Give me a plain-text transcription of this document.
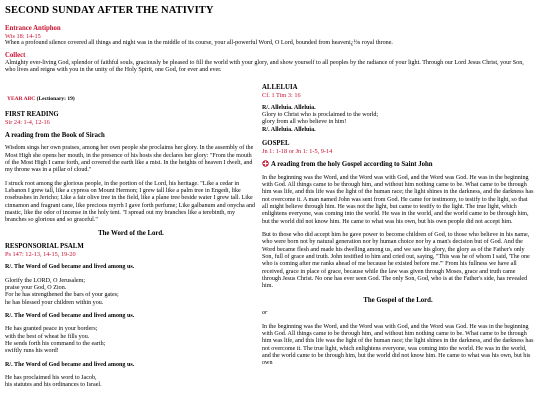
SECOND SUNDAY AFTER THE NATIVITY
Entrance Antiphon
Wis 18: 14-15

When a profound silence covered all things and night was in the middle of its course, your all-powerful Word, O Lord, bounded from heaveni¿½s royal throne.

Collect

Almighty ever-living God, splendor of faithful souls, graciously be pleased to fill the world with your glory, and show yourself to all peoples by the radiance of your light. Through our Lord Jesus Christ, your Son, who lives and reigns with you in the unity of the Holy Spirit, one God, for ever and ever.

YEAR ABC (Lectionary: 19)
FIRST READING
Sir 24: 1-4, 12-16
A reading from the Book of Sirach

Wisdom sings her own praises, among her own people she proclaims her glory. In the assembly of the Most High she opens her mouth, in the presence of his hosts she declares her glory: "From the mouth of the Most High I came forth, and covered the earth like a mist. In the heights of heaven I dwelt, and my throne was in a pillar of cloud."

I struck root among the glorious people, in the portion of the Lord, his heritage. "Like a cedar in Lebanon I grew tall, like a cypress on Mount Hermon; I grew tall like a palm tree in Engedi, like rosebushes in Jericho; Like a fair olive tree in the field, like a plane tree beside water I grew tall. Like cinnamon and fragrant cane, like precious myrrh I gave forth perfume; Like galbanum and onycha and mastic, like the odor of incense in the holy tent. "I spread out my branches like a terebinth, my branches so glorious and so graceful."

The Word of the Lord.
RESPONSORIAL PSALM
Ps 147: 12-13, 14-15, 19-20

R/. The Word of God became and lived among us.

Glorify the LORD, O Jerusalem;

praise your God, O Zion.

For he has strengthened the bars of your gates;

he has blessed your children within you.

R/. The Word of God became and lived among us.

He has granted peace in your borders;

with the best of wheat he fills you.

He sends forth his command to the earth;

swiftly runs his word!

R/. The Word of God became and lived among us.

He has proclaimed his word to Jacob,

his statutes and his ordinances to Israel.

ALLELUIA
Cf. 1 Tim 3: 16

R/. Alleluia. Alleluia.

Glory to Christ who is proclaimed to the world;

glory from all who believe in him!

R/. Alleluia. Alleluia.

GOSPEL
Jn 1: 1-18 or Jn 1: 1-5, 9-14
A reading from the holy Gospel according to Saint John

In the beginning was the Word, and the Word was with God, and the Word was God. He was in the beginning with God. All things came to be through him, and without him nothing came to be. What came to be through him was life, and this life was the light of the human race; the light shines in the darkness, and the darkness has not overcome it. A man named John was sent from God. He came for testimony, to testify to the light, so that all might believe through him. He was not the light, but came to testify to the light. The true light, which enlightens everyone, was coming into the world. He was in the world, and the world came to be through him, but the world did not know him. He came to what was his own, but his own people did not accept him.

But to those who did accept him he gave power to become children of God, to those who believe in his name, who were born not by natural generation nor by human choice nor by a man's decision but of God. And the Word became flesh and made his dwelling among us, and we saw his glory, the glory as of the Father's only Son, full of grace and truth. John testified to him and cried out, saying, "This was he of whom I said, 'The one who is coming after me ranks ahead of me because he existed before me.'" From his fullness we have all received, grace in place of grace, because while the law was given through Moses, grace and truth came through Jesus Christ. No one has ever seen God. The only Son, God, who is at the Father's side, has revealed him.

The Gospel of the Lord.

or

In the beginning was the Word, and the Word was with God, and the Word was God. He was in the beginning with God. All things came to be through him, and without him nothing came to be. What came to be through him was life, and this life was the light of the human race; the light shines in the darkness, and the darkness has not overcome it. The true light, which enlightens everyone, was coming into the world. He was in the world, and the world came to be through him, but the world did not know him. He came to what was his own, but his own
